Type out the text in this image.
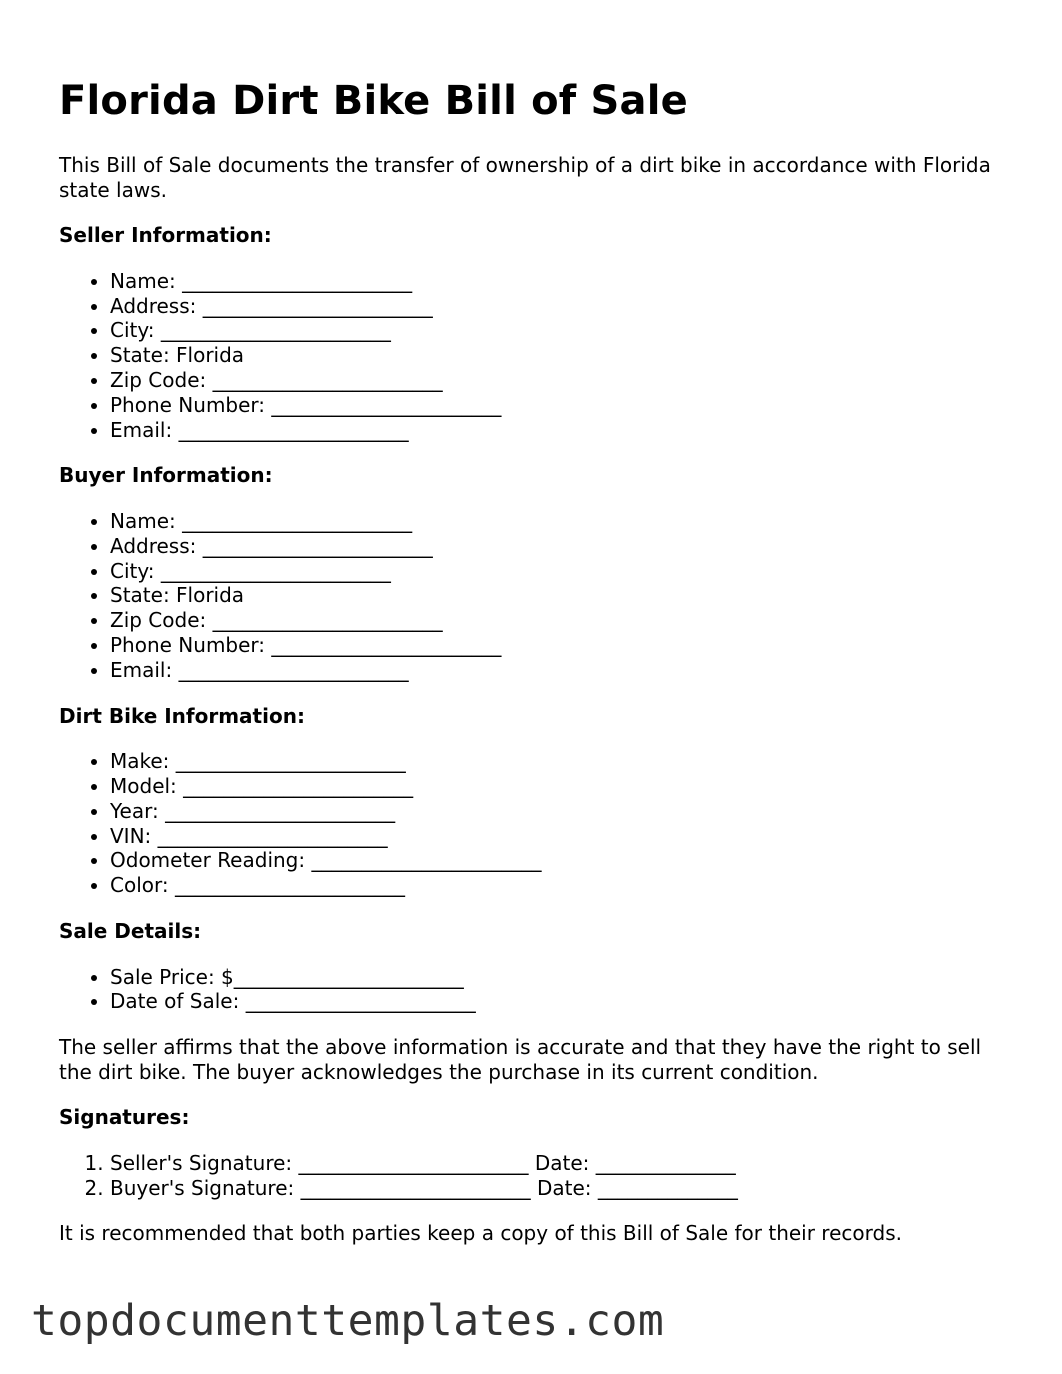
Florida Dirt Bike Bill of Sale

This Bill of Sale documents the transfer of ownership of a dirt bike in accordance with Florida state laws.

Seller Information:

• Name: _______________________
• Address: _______________________
• City: _______________________
• State: Florida
• Zip Code: _______________________
• Phone Number: _______________________
• Email: _______________________

Buyer Information:

• Name: _______________________
• Address: _______________________
• City: _______________________
• State: Florida
• Zip Code: _______________________
• Phone Number: _______________________
• Email: _______________________

Dirt Bike Information:

• Make: _______________________
• Model: _______________________
• Year: _______________________
• VIN: _______________________
• Odometer Reading: _______________________
• Color: _______________________

Sale Details:

• Sale Price: $_______________________
• Date of Sale: _______________________

The seller affirms that the above information is accurate and that they have the right to sell the dirt bike. The buyer acknowledges the purchase in its current condition.

Signatures:

1. Seller's Signature: _______________________ Date: ______________
2. Buyer's Signature: _______________________ Date: ______________

It is recommended that both parties keep a copy of this Bill of Sale for their records.

topdocumenttemplates.com
